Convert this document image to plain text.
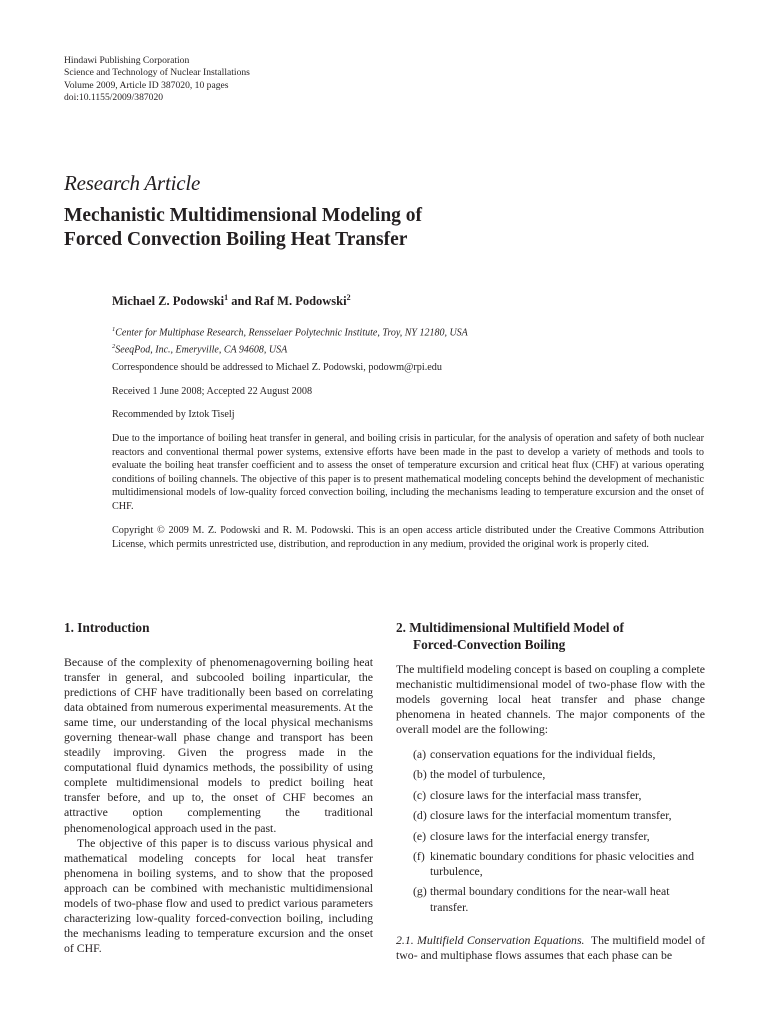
Hindawi Publishing Corporation
Science and Technology of Nuclear Installations
Volume 2009, Article ID 387020, 10 pages
doi:10.1155/2009/387020
Research Article
Mechanistic Multidimensional Modeling of
Forced Convection Boiling Heat Transfer
Michael Z. Podowski$^1$ and Raf M. Podowski$^2$
$^1$Center for Multiphase Research, Rensselaer Polytechnic Institute, Troy, NY 12180, USA
$^2$SeeqPod, Inc., Emeryville, CA 94608, USA
Correspondence should be addressed to Michael Z. Podowski, podowm@rpi.edu
Received 1 June 2008; Accepted 22 August 2008
Recommended by Iztok Tiselj
Due to the importance of boiling heat transfer in general, and boiling crisis in particular, for the analysis of operation and safety of both nuclear reactors and conventional thermal power systems, extensive efforts have been made in the past to develop a variety of methods and tools to evaluate the boiling heat transfer coefficient and to assess the onset of temperature excursion and critical heat flux (CHF) at various operating conditions of boiling channels. The objective of this paper is to present mathematical modeling concepts behind the development of mechanistic multidimensional models of low-quality forced convection boiling, including the mechanisms leading to temperature excursion and the onset of CHF.
Copyright © 2009 M. Z. Podowski and R. M. Podowski. This is an open access article distributed under the Creative Commons Attribution License, which permits unrestricted use, distribution, and reproduction in any medium, provided the original work is properly cited.
1. Introduction

Because of the complexity of phenomenagoverning boiling heat transfer in general, and subcooled boiling inparticular, the predictions of CHF have traditionally been based on correlating data obtained from numerous experimental measurements. At the same time, our understanding of the local physical mechanisms governing thenear-wall phase change and transport has been steadily improving. Given the progress made in the computational fluid dynamics methods, the possibility of using complete multidimensional models to predict boiling heat transfer before, and up to, the onset of CHF becomes an attractive option complementing the traditional phenomenological approach used in the past.

The objective of this paper is to discuss various physical and mathematical modeling concepts for local heat transfer phenomena in boiling systems, and to show that the proposed approach can be combined with mechanistic multidimensional models of two-phase flow and used to predict various parameters characterizing low-quality forced-convection boiling, including the mechanisms leading to temperature excursion and the onset of CHF.

2. Multidimensional Multifield Model of
Forced-Convection Boiling

The multifield modeling concept is based on coupling a complete mechanistic multidimensional model of two-phase flow with the models governing local heat transfer and phase change phenomena in heated channels. The major components of the overall model are the following:

(a) conservation equations for the individual fields,
(b) the model of turbulence,
(c) closure laws for the interfacial mass transfer,
(d) closure laws for the interfacial momentum transfer,
(e) closure laws for the interfacial energy transfer,
(f) kinematic boundary conditions for phasic velocities and turbulence,
(g) thermal boundary conditions for the near-wall heat transfer.

2.1. Multifield Conservation Equations. The multifield model of two- and multiphase flows assumes that each phase can be
